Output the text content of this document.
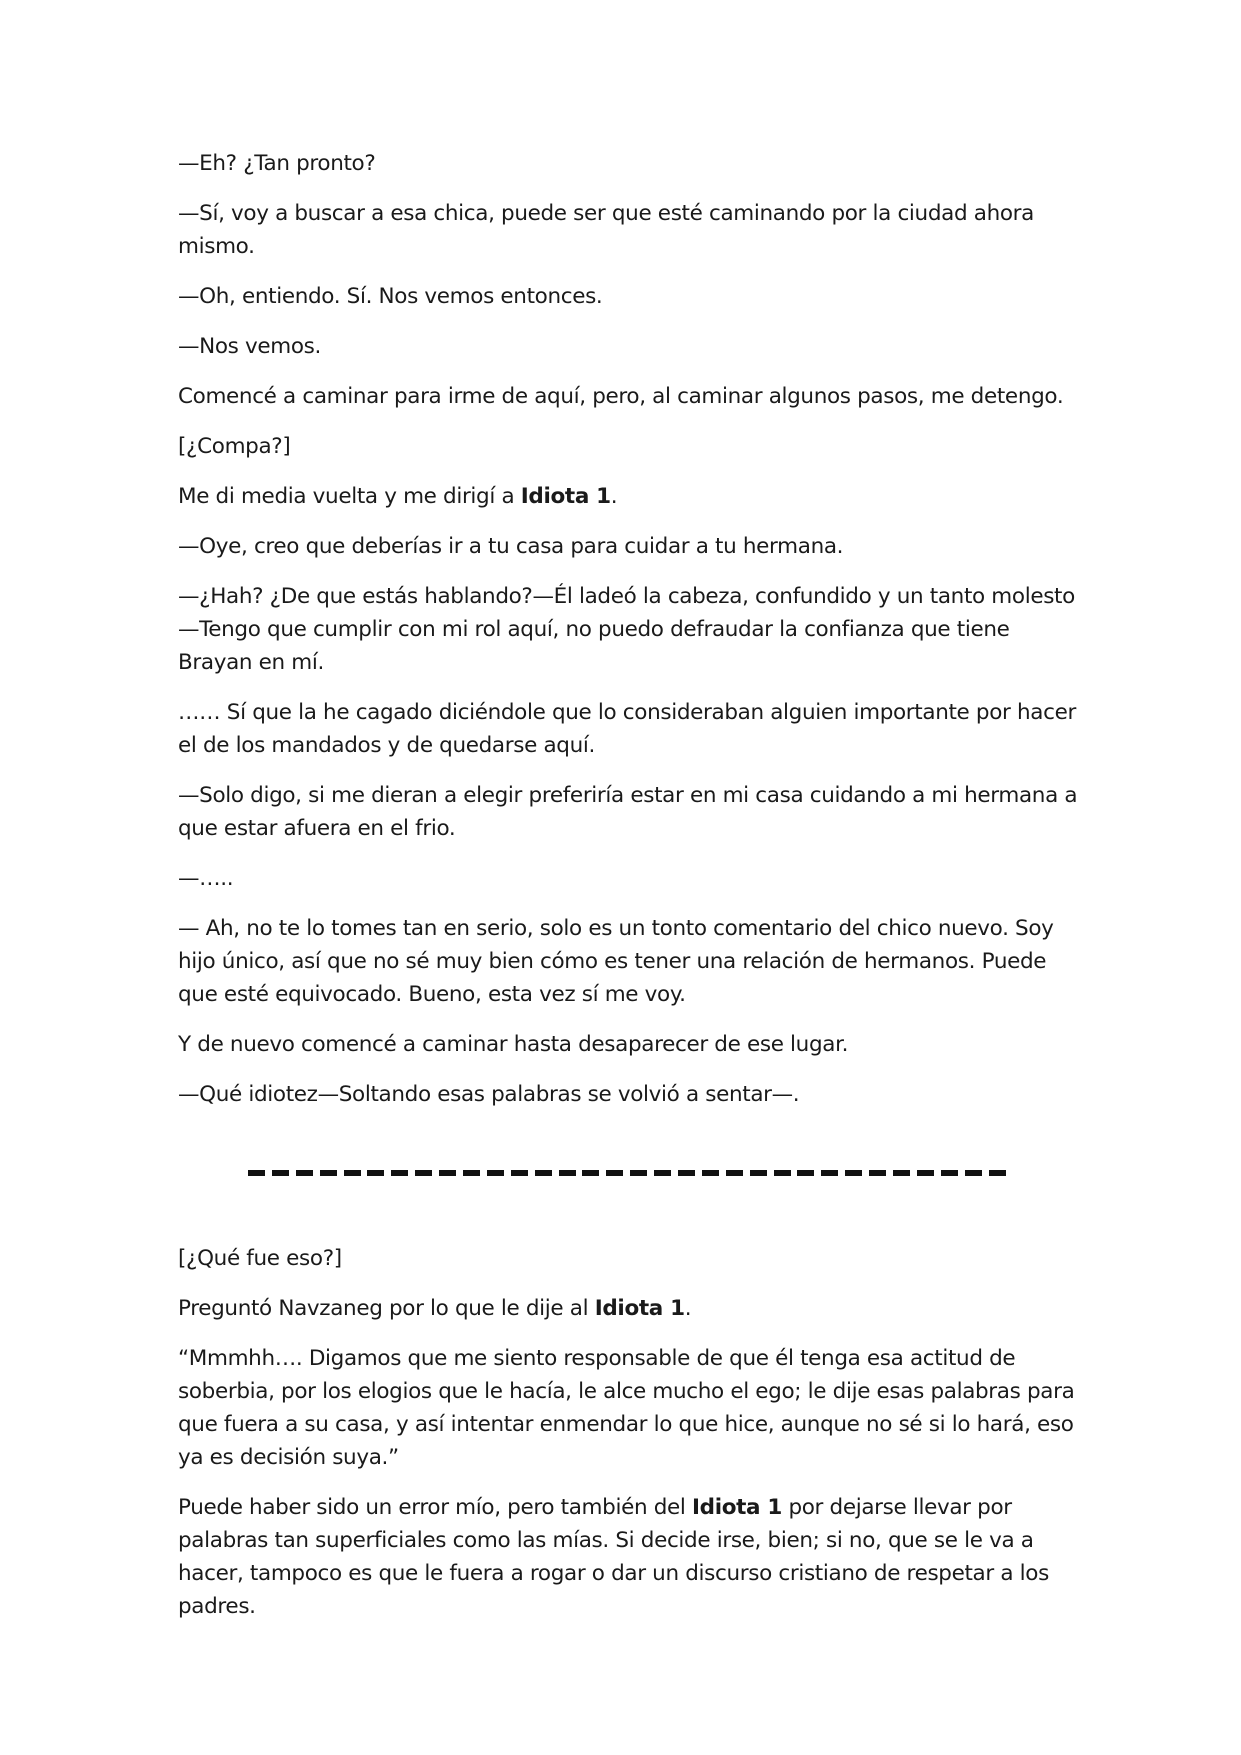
—Eh? ¿Tan pronto?

—Sí, voy a buscar a esa chica, puede ser que esté caminando por la ciudad ahora mismo.

—Oh, entiendo. Sí. Nos vemos entonces.

—Nos vemos.

Comencé a caminar para irme de aquí, pero, al caminar algunos pasos, me detengo.

[¿Compa?]

Me di media vuelta y me dirigí a Idiota 1.

—Oye, creo que deberías ir a tu casa para cuidar a tu hermana.

—¿Hah? ¿De que estás hablando?—Él ladeó la cabeza, confundido y un tanto molesto—Tengo que cumplir con mi rol aquí, no puedo defraudar la confianza que tiene Brayan en mí.

…… Sí que la he cagado diciéndole que lo consideraban alguien importante por hacer el de los mandados y de quedarse aquí.

—Solo digo, si me dieran a elegir preferiría estar en mi casa cuidando a mi hermana a que estar afuera en el frio.

—…..

— Ah, no te lo tomes tan en serio, solo es un tonto comentario del chico nuevo. Soy hijo único, así que no sé muy bien cómo es tener una relación de hermanos. Puede que esté equivocado. Bueno, esta vez sí me voy.

Y de nuevo comencé a caminar hasta desaparecer de ese lugar.

—Qué idiotez—Soltando esas palabras se volvió a sentar—.

[¿Qué fue eso?]

Preguntó Navzaneg por lo que le dije al Idiota 1.

“Mmmhh…. Digamos que me siento responsable de que él tenga esa actitud de soberbia, por los elogios que le hacía, le alce mucho el ego; le dije esas palabras para que fuera a su casa, y así intentar enmendar lo que hice, aunque no sé si lo hará, eso ya es decisión suya.”

Puede haber sido un error mío, pero también del Idiota 1 por dejarse llevar por palabras tan superficiales como las mías. Si decide irse, bien; si no, que se le va a hacer, tampoco es que le fuera a rogar o dar un discurso cristiano de respetar a los padres.
